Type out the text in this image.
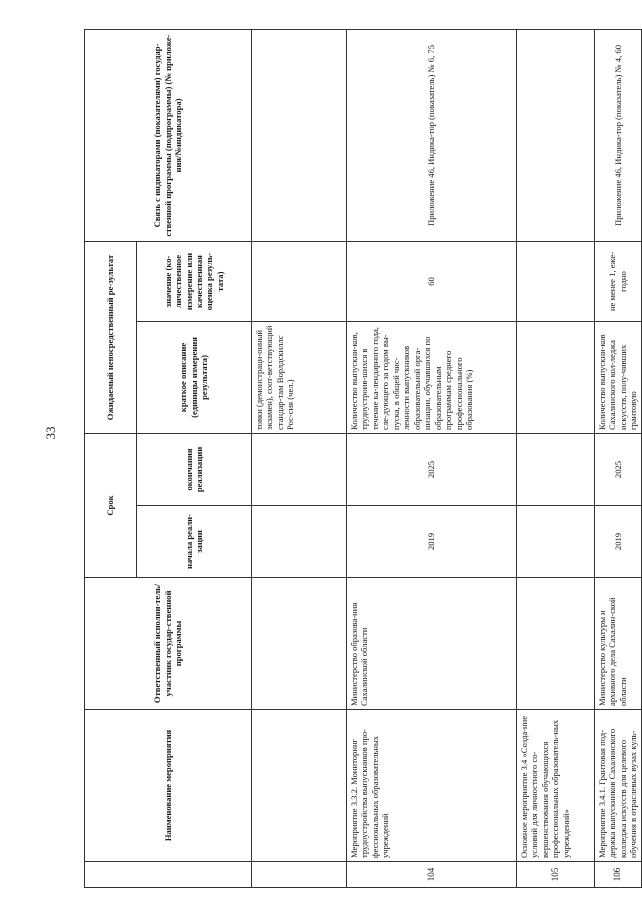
33
	Наименование мероприятия	Ответственный исполни-тель/участник государ-ственной программы	Срок		Ожидаемый непосредственный ре-зультат		Связь с индикаторами (показателями) государ-ственной программы (подпрограммы) (№ приложе-ния/№индикатора)
			начала реали-зации	окончания реализации	краткое описание (единицы измерения результата)	значение (ко-личественное измерение или качественная оценка резуль-тата)	
					товки (демонстраци-онный экзамен), соот-ветствующий стандар-там Ворлдскиллс Рос-сия (чел.)		
104	Мероприятие 3.3.2. Мониторинг трудоустройства выпускников про-фессиональных образовательных учреждений	Министерство образова-ния Сахалинской области	2019	2025	Количество выпускни-ков, трудоустроив-шихся в течение ка-лендарного года, сле-дующего за годом вы-пуска, в общей чис-ленности выпускников образовательной орга-низации, обучавшихся по образовательным программам среднего профессионального образования (%)	60	Приложение 46, Индика-тор (показатель) № 6, 75
105	Основное мероприятие 3.4 «Созда-ние условий для личностного со-вершенствования обучающихся профессиональных образователь-ных учреждений»						
106	Мероприятие 3.4.1. Грантовая под-держка выпускников Сахалинского колледжа искусств для целевого обучения в отраслевых вузах куль-	Министерство культуры и архивного дела Сахалин-ской области	2019	2025	Количество выпускни-ков Сахалинского кол-леджа искусств, полу-чивших грантовую	не менее 1, еже-годно	Приложение 46, Индика-тор (показатель) № 4, 60
